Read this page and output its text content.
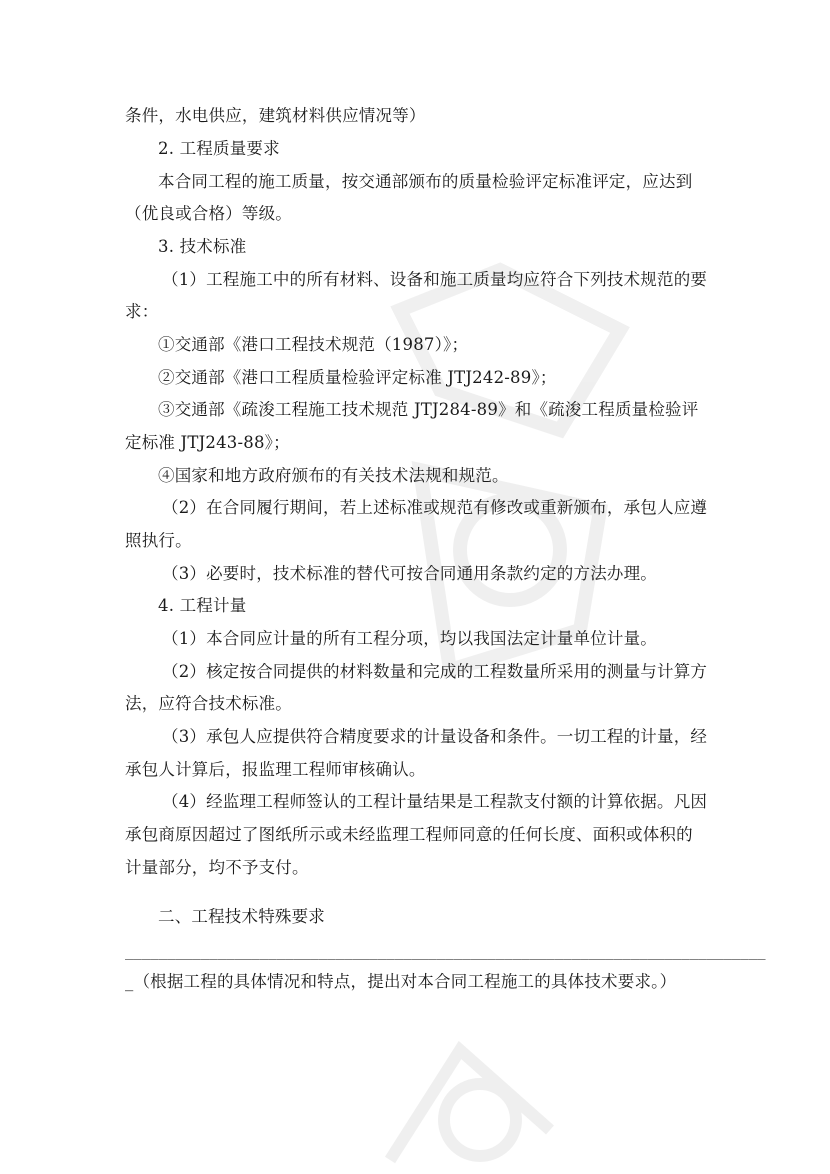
条件，水电供应，建筑材料供应情况等）
2. 工程质量要求
本合同工程的施工质量，按交通部颁布的质量检验评定标准评定，应达到
（优良或合格）等级。
3. 技术标准
（1）工程施工中的所有材料、设备和施工质量均应符合下列技术规范的要
求：
①交通部《港口工程技术规范（1987）》；
②交通部《港口工程质量检验评定标准 JTJ242-89》；
③交通部《疏浚工程施工技术规范 JTJ284-89》和《疏浚工程质量检验评
定标准 JTJ243-88》；
④国家和地方政府颁布的有关技术法规和规范。
（2）在合同履行期间，若上述标准或规范有修改或重新颁布，承包人应遵
照执行。
（3）必要时，技术标准的替代可按合同通用条款约定的方法办理。
4. 工程计量
（1）本合同应计量的所有工程分项，均以我国法定计量单位计量。
（2）核定按合同提供的材料数量和完成的工程数量所采用的测量与计算方
法，应符合技术标准。
（3）承包人应提供符合精度要求的计量设备和条件。一切工程的计量，经
承包人计算后，报监理工程师审核确认。
（4）经监理工程师签认的工程计量结果是工程款支付额的计算依据。凡因
承包商原因超过了图纸所示或未经监理工程师同意的任何长度、面积或体积的
计量部分，均不予支付。
二、工程技术特殊要求
____________________________________________________________________________
_（根据工程的具体情况和特点，提出对本合同工程施工的具体技术要求。）
